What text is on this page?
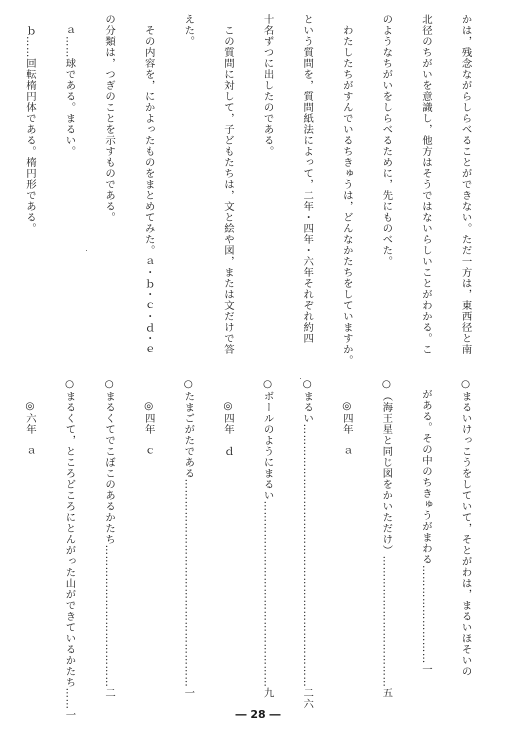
かは，残念ながらしらべることができない。ただ一方は，東西径と南

北径のちがいを意識し，他方はそうではないらしいことがわかる。こ

のようなちがいをしらべるために，先にものべた。

　わたしたちがすんでいるちきゅうは，どんなかたちをしていますか。

という質問を，質問紙法によって，二年・四年・六年それぞれ約四

十名ずつに出したのである。

　この質問に対して，子どもたちは，文と絵や図，または文だけで答

えた。

　その内容を，にかよったものをまとめてみた。ａ・ｂ・ｃ・ｄ・ｅ

の分類は，つぎのことを示すものである。

　ａ……球である。まるい。

　ｂ……回転楕円体である。楕円形である。

○まるいけっこうをしていて，そとがわは，まるいほそいの

　がある。その中のちきゅうがまわる………………………一

○（海王星と同じ図をかいただけ）………………………………五

　　◎四年　ａ

○まるい………………………………………………………………二六

○ボールのようにまるい……………………………………………九

　　◎四年　ｄ

○たまごがたである…………………………………………………一

　　◎四年　ｃ

○まるくてでこぼこのあるかたち…………………………………二

○まるくて，ところどころにとんがった山ができているかたち……一

　　◎六年　ａ

― 28 ―
